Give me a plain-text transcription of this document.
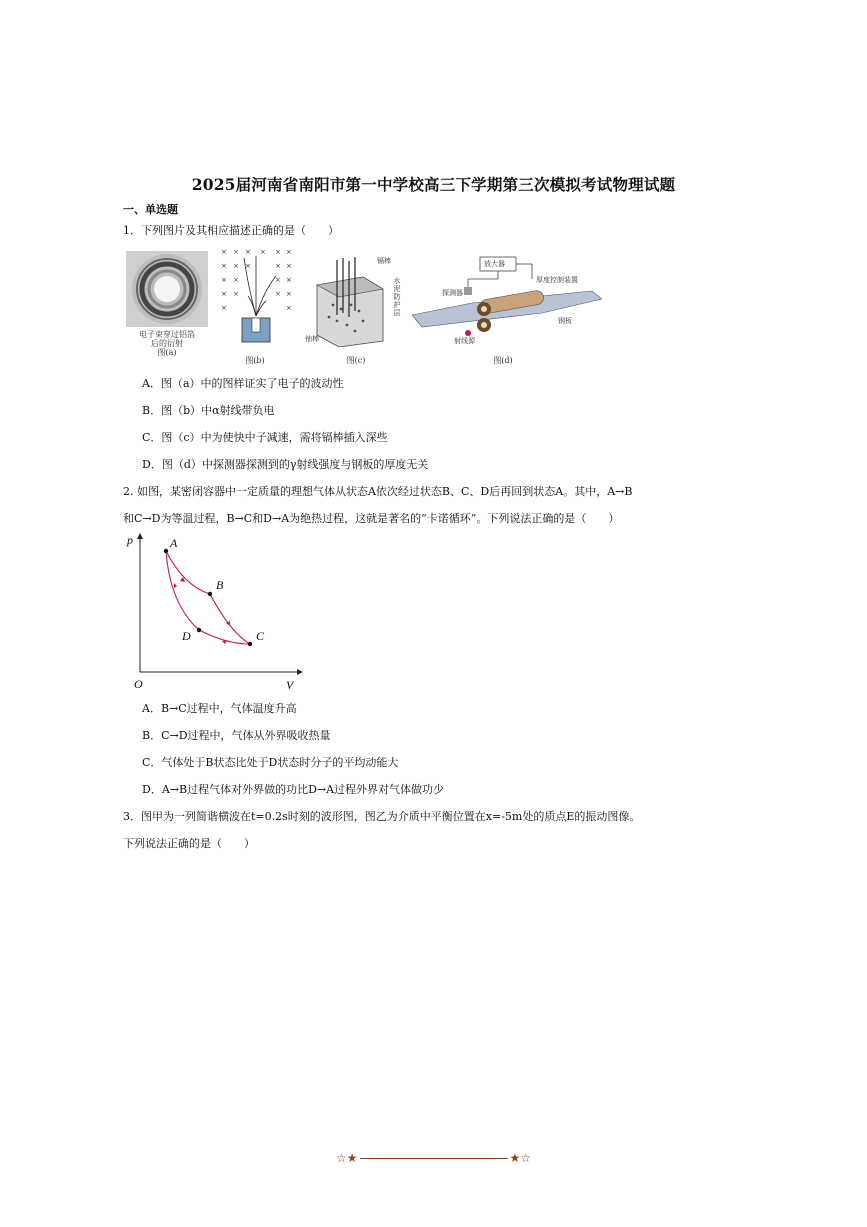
2025届河南省南阳市第一中学校高三下学期第三次模拟考试物理试题
一、单选题
1．下列图片及其相应描述正确的是（　　）
电子束穿过铝箔
后的衍射
图(a)
× × × × × ×
× × ×	× ×
× ×	× ×
× ×	× ×
×	×
图(b)
镉棒
水泥防护层
铀棒
图(c)
放大器
探测器
射线源
钢板
厚度控制装置
图(d)
A．图（a）中的图样证实了电子的波动性
B．图（b）中α射线带负电
C．图（c）中为使快中子减速，需将镉棒插入深些
D．图（d）中探测器探测到的γ射线强度与钢板的厚度无关
2. 如图，某密闭容器中一定质量的理想气体从状态A依次经过状态B、C、D后再回到状态A。其中，A→B
和C→D为等温过程，B→C和D→A为绝热过程，这就是著名的“卡诺循环”。下列说法正确的是（　　）
A
B
C
D
p
V
O
A．B→C过程中，气体温度升高
B．C→D过程中，气体从外界吸收热量
C．气体处于B状态比处于D状态时分子的平均动能大
D．A→B过程气体对外界做的功比D→A过程外界对气体做功少
3．图甲为一列简谐横波在t=0.2s时刻的波形图，图乙为介质中平衡位置在x=-5m处的质点E的振动图像。
下列说法正确的是（　　）
☆★	★☆
